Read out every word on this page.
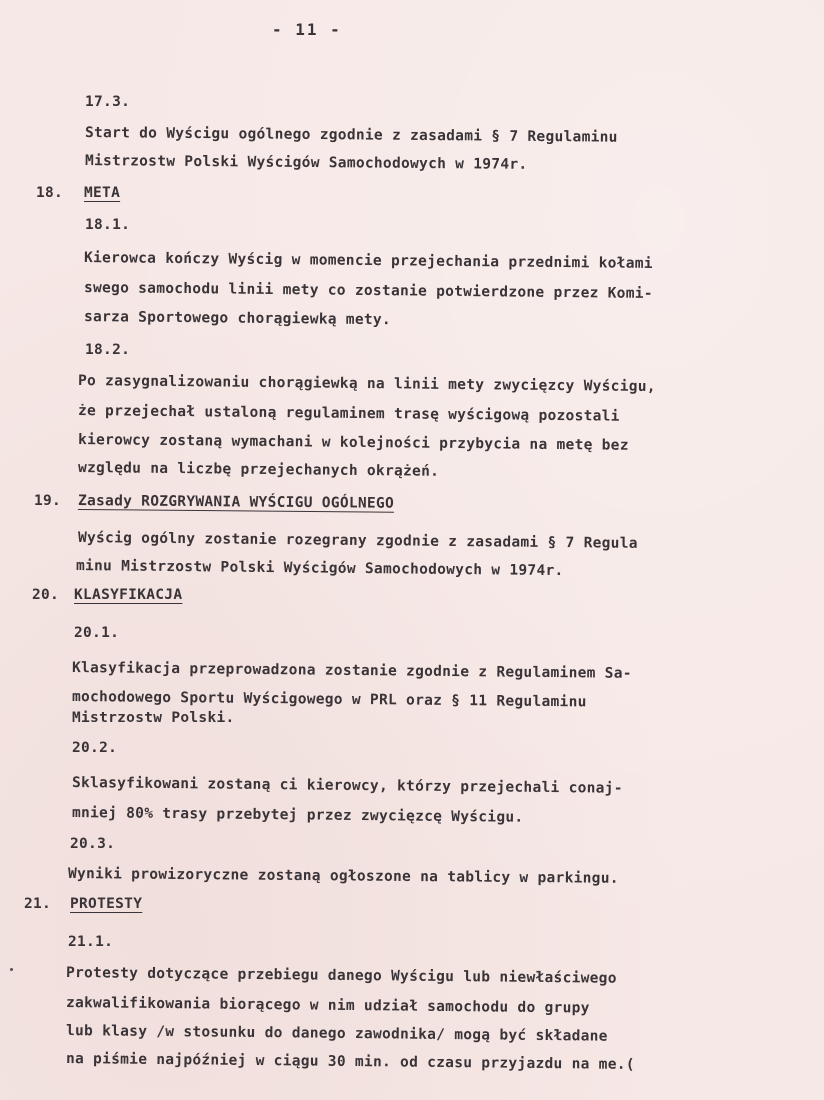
- 11 -
17.3.
Start do Wyścigu ogólnego zgodnie z zasadami § 7 Regulaminu
Mistrzostw Polski Wyścigów Samochodowych w 1974r.
18. META
18.1.
Kierowca kończy Wyścig w momencie przejechania przednimi kołami
swego samochodu linii mety co zostanie potwierdzone przez Komi-
sarza Sportowego chorągiewką mety.
18.2.
Po zasygnalizowaniu chorągiewką na linii mety zwycięzcy Wyścigu,
że przejechał ustaloną regulaminem trasę wyścigową pozostali
kierowcy zostaną wymachani w kolejności przybycia na metę bez
względu na liczbę przejechanych okrążeń.
19. Zasady ROZGRYWANIA WYŚCIGU OGÓLNEGO
Wyścig ogólny zostanie rozegrany zgodnie z zasadami § 7 Regula
minu Mistrzostw Polski Wyścigów Samochodowych w 1974r.
20. KLASYFIKACJA
20.1.
Klasyfikacja przeprowadzona zostanie zgodnie z Regulaminem Sa-
mochodowego Sportu Wyścigowego w PRL oraz § 11 Regulaminu
Mistrzostw Polski.
20.2.
Sklasyfikowani zostaną ci kierowcy, którzy przejechali conaj-
mniej 80% trasy przebytej przez zwycięzcę Wyścigu.
20.3.
Wyniki prowizoryczne zostaną ogłoszone na tablicy w parkingu.
21. PROTESTY
21.1.
Protesty dotyczące przebiegu danego Wyścigu lub niewłaściwego
zakwalifikowania biorącego w nim udział samochodu do grupy
lub klasy /w stosunku do danego zawodnika/ mogą być składane
na piśmie najpóźniej w ciągu 30 min. od czasu przyjazdu na me.(
